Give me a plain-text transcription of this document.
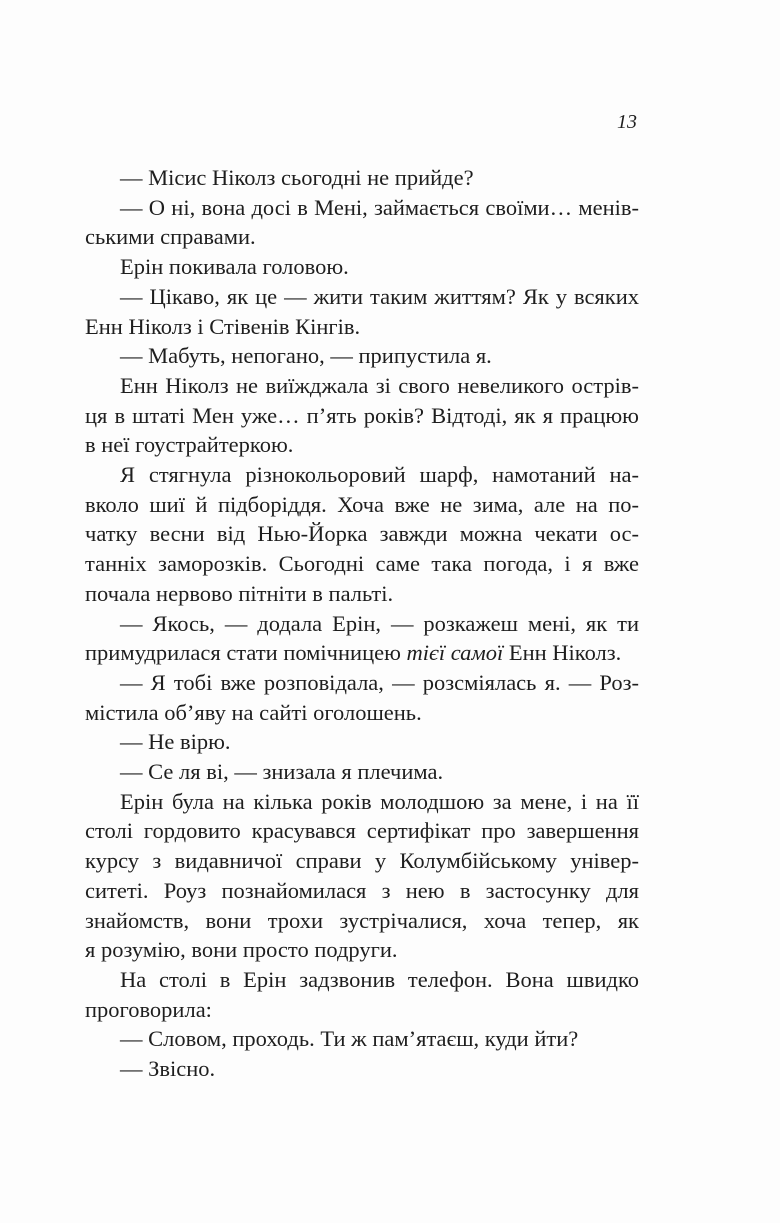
13
— Місис Ніколз сьогодні не прийде?
— О ні, вона досі в Мені, займається своїми… менів-
ськими справами.
Ерін покивала головою.
— Цікаво, як це — жити таким життям? Як у всяких
Енн Ніколз і Стівенів Кінгів.
— Мабуть, непогано, — припустила я.
Енн Ніколз не виїжджала зі свого невеликого острів-
ця в штаті Мен уже… п’ять років? Відтоді, як я працюю
в неї гоустрайтеркою.
Я стягнула різнокольоровий шарф, намотаний на-
вколо шиї й підборіддя. Хоча вже не зима, але на по-
чатку весни від Нью-Йорка завжди можна чекати ос-
танніх заморозків. Сьогодні саме така погода, і я вже
почала нервово пітніти в пальті.
— Якось, — додала Ерін, — розкажеш мені, як ти
примудрилася стати помічницею тієї самої Енн Ніколз.
— Я тобі вже розповідала, — розсміялась я. — Роз-
містила об’яву на сайті оголошень.
— Не вірю.
— Се ля ві, — знизала я плечима.
Ерін була на кілька років молодшою за мене, і на її
столі гордовито красувався сертифікат про завершення
курсу з видавничої справи у Колумбійському універ-
ситеті. Роуз познайомилася з нею в застосунку для
знайомств, вони трохи зустрічалися, хоча тепер, як
я розумію, вони просто подруги.
На столі в Ерін задзвонив телефон. Вона швидко
проговорила:
— Словом, проходь. Ти ж пам’ятаєш, куди йти?
— Звісно.
